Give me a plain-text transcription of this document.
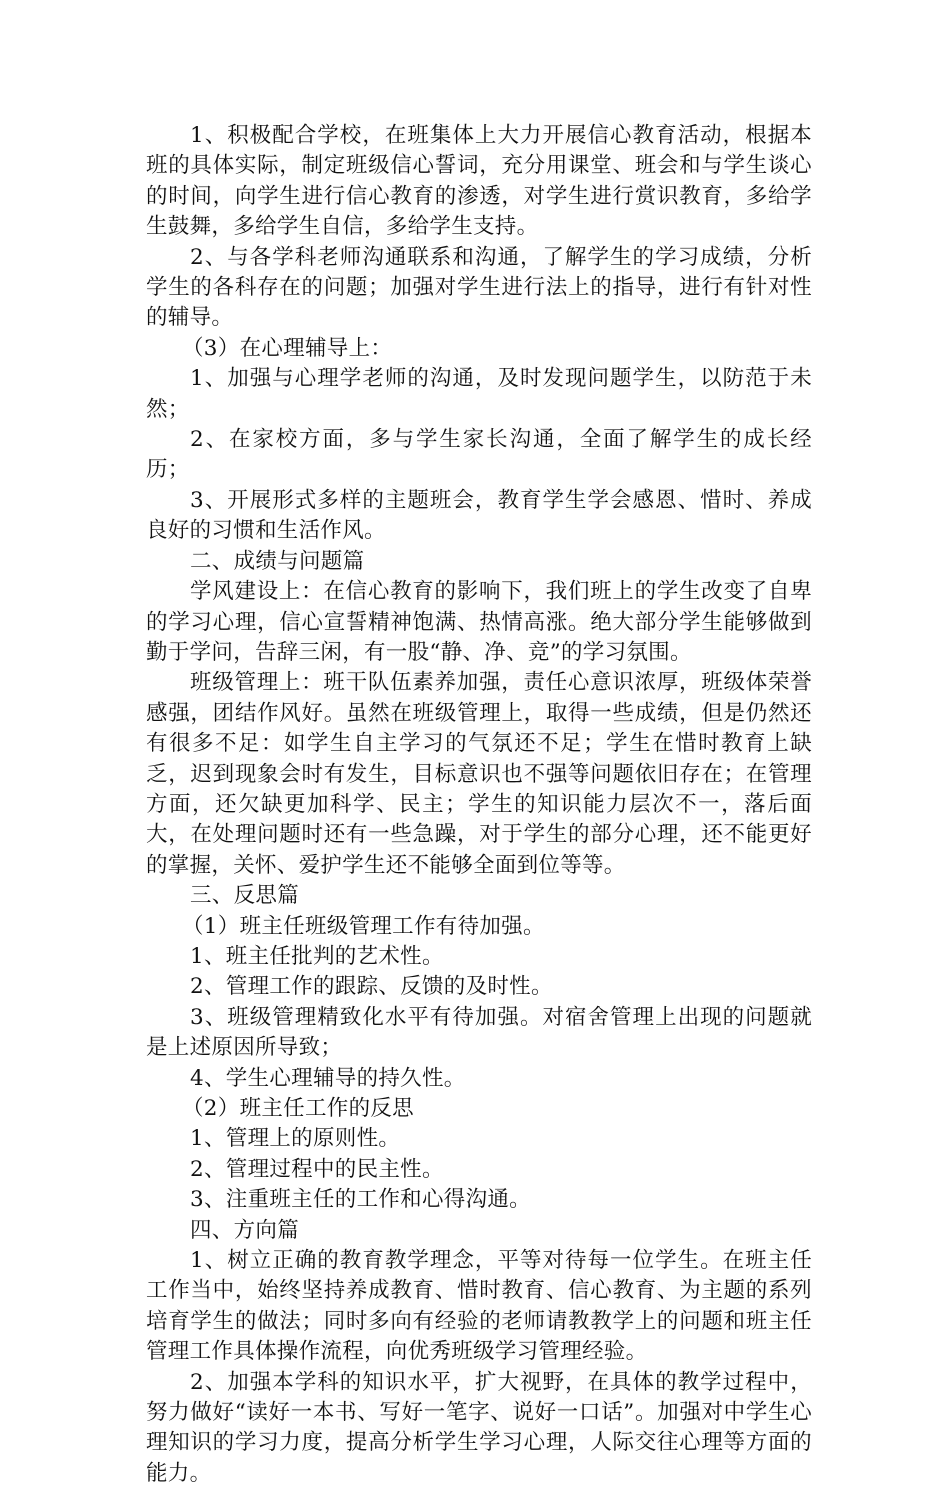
1、积极配合学校，在班集体上大力开展信心教育活动，根据本班的具体实际，制定班级信心誓词，充分用课堂、班会和与学生谈心的时间，向学生进行信心教育的渗透，对学生进行赏识教育，多给学生鼓舞，多给学生自信，多给学生支持。

2、与各学科老师沟通联系和沟通，了解学生的学习成绩，分析学生的各科存在的问题；加强对学生进行法上的指导，进行有针对性的辅导。

（3）在心理辅导上：

1、加强与心理学老师的沟通，及时发现问题学生，以防范于未然；

2、在家校方面，多与学生家长沟通，全面了解学生的成长经历；

3、开展形式多样的主题班会，教育学生学会感恩、惜时、养成良好的习惯和生活作风。

二、成绩与问题篇

学风建设上：在信心教育的影响下，我们班上的学生改变了自卑的学习心理，信心宣誓精神饱满、热情高涨。绝大部分学生能够做到勤于学问，告辞三闲，有一股“静、净、竞”的学习氛围。

班级管理上：班干队伍素养加强，责任心意识浓厚，班级体荣誉感强，团结作风好。虽然在班级管理上，取得一些成绩，但是仍然还有很多不足：如学生自主学习的气氛还不足；学生在惜时教育上缺乏，迟到现象会时有发生，目标意识也不强等问题依旧存在；在管理方面，还欠缺更加科学、民主；学生的知识能力层次不一，落后面大，在处理问题时还有一些急躁，对于学生的部分心理，还不能更好的掌握，关怀、爱护学生还不能够全面到位等等。

三、反思篇

（1）班主任班级管理工作有待加强。

1、班主任批判的艺术性。

2、管理工作的跟踪、反馈的及时性。

3、班级管理精致化水平有待加强。对宿舍管理上出现的问题就是上述原因所导致；

4、学生心理辅导的持久性。

（2）班主任工作的反思

1、管理上的原则性。

2、管理过程中的民主性。

3、注重班主任的工作和心得沟通。

四、方向篇

1、树立正确的教育教学理念，平等对待每一位学生。在班主任工作当中，始终坚持养成教育、惜时教育、信心教育、为主题的系列培育学生的做法；同时多向有经验的老师请教教学上的问题和班主任管理工作具体操作流程，向优秀班级学习管理经验。

2、加强本学科的知识水平，扩大视野，在具体的教学过程中，努力做好“读好一本书、写好一笔字、说好一口话”。加强对中学生心理知识的学习力度，提高分析学生学习心理，人际交往心理等方面的能力。
